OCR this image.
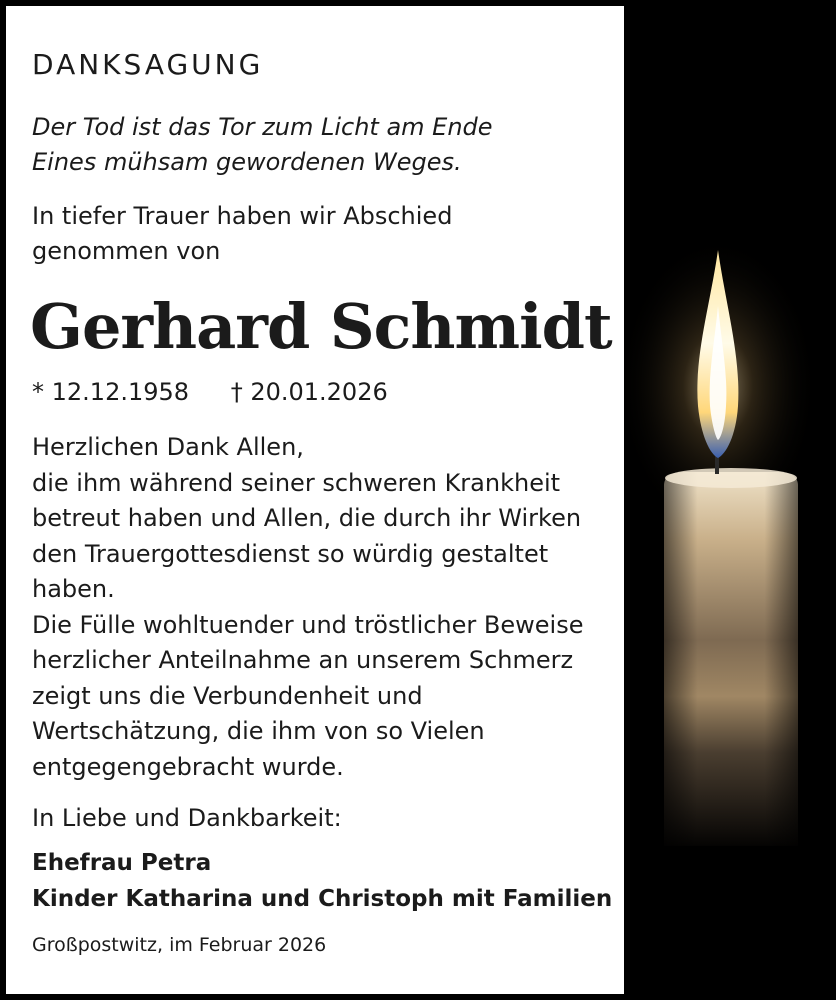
DANKSAGUNG
Der Tod ist das Tor zum Licht am Ende
Eines mühsam gewordenen Weges.
In tiefer Trauer haben wir Abschied
genommen von
Gerhard Schmidt
* 12.12.1958 † 20.01.2026
Herzlichen Dank Allen,
die ihm während seiner schweren Krankheit
betreut haben und Allen, die durch ihr Wirken
den Trauergottesdienst so würdig gestaltet
haben.
Die Fülle wohltuender und tröstlicher Beweise
herzlicher Anteilnahme an unserem Schmerz
zeigt uns die Verbundenheit und
Wertschätzung, die ihm von so Vielen
entgegengebracht wurde.
In Liebe und Dankbarkeit:
Ehefrau Petra
Kinder Katharina und Christoph mit Familien
Großpostwitz, im Februar 2026
